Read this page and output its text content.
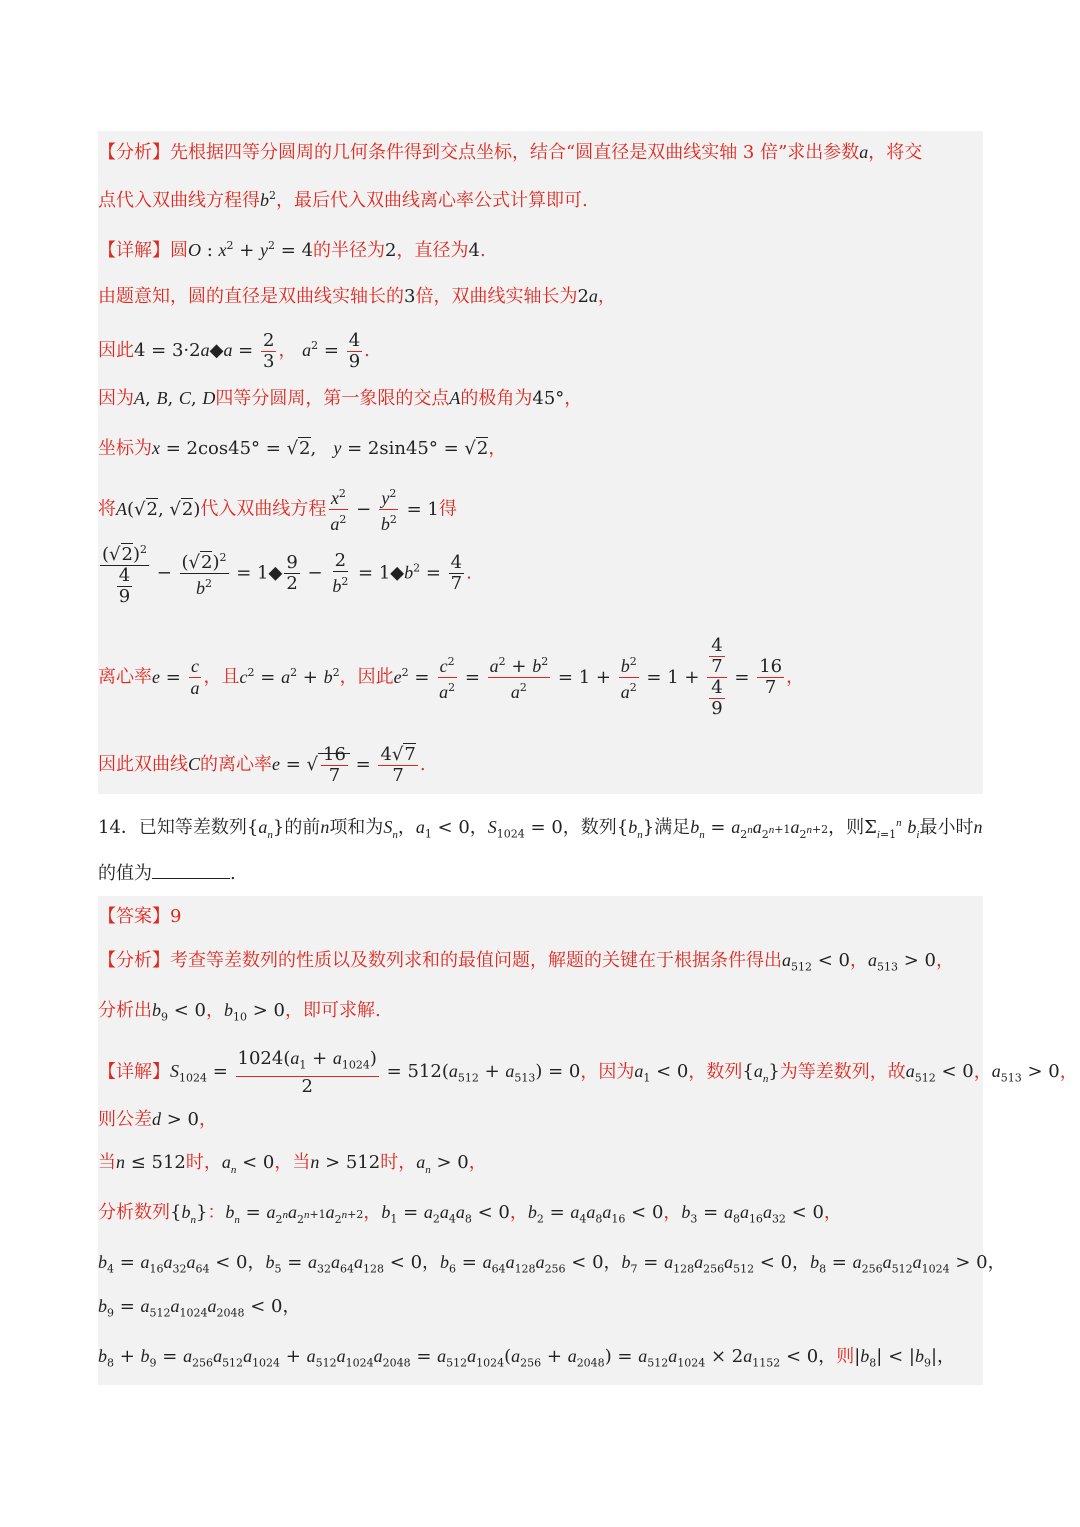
【分析】先根据四等分圆周的几何条件得到交点坐标，结合“圆直径是双曲线实轴 3 倍”求出参数a，将交
点代入双曲线方程得$b^2$，最后代入双曲线离心率公式计算即可.
【详解】圆O : $x^2 + y^2 = 4$的半径为2，直径为4.
由题意知，圆的直径是双曲线实轴长的3倍，双曲线实轴长为2a，
因此4 = 3·2a◆a = $\frac{2}{3}$ ， $a^2 = \frac{4}{9}$ .
因为A, B, C, D四等分圆周，第一象限的交点A的极角为45°，
坐标为x = 2cos45° = √2,   y = 2sin45° = √2，
将A(√2, √2)代入双曲线方程 $\frac{x^2}{a^2} - \frac{y^2}{b^2} = 1$得
$\frac{(√2)^2}{\frac{4}{9}} - \frac{(√2)^2}{b^2}$ = 1◆ $\frac{9}{2} - \frac{2}{b^2}$ = $1◆b^2 = \frac{4}{7}$ .
离心率$e = \frac{c}{a}$ ，且$c^2 = a^2 + b^2$，因此$e^2 = \frac{c^2}{a^2} = \frac{a^2 + b^2}{a^2} = 1 + \frac{b^2}{a^2} = 1 + \frac{\frac{4}{7}}{\frac{4}{9}} = \frac{16}{7}$ ，
因此双曲线C的离心率e = √ $\frac{16}{7} = \frac{4√7}{7}$ .
14．已知等差数列$\{a_n\}$的前n项和为$S_n$，$a_1 < 0$，$S_{1024} = 0$，数列$\{b_n\}$满足$b_n = a_{2^n}a_{2^{n+1}}a_{2^{n+2}}$，则$\Sigma_{i=1}^n$ $b_i$最小时n
的值为	.
【答案】9
【分析】考查等差数列的性质以及数列求和的最值问题，解题的关键在于根据条件得出$a_{512} < 0$，$a_{513} > 0$，
分析出$b_9 < 0$，$b_{10} > 0$，即可求解.
【详解】$S_{1024} = \frac{1024(a_1 + a_{1024})}{2} = 512(a_{512} + a_{513}) = 0$，因为$a_1 < 0$，数列$\{a_n\}$为等差数列，故$a_{512} < 0$，$a_{513} > 0$，
则公差d > 0，
当n ≤ 512时，$a_n < 0$，当n > 512时，$a_n > 0$，
分析数列$\{b_n\}$：$b_n = a_{2^n}a_{2^{n+1}}a_{2^{n+2}}$，$b_1 = a_2a_4a_8 < 0$，$b_2 = a_4a_8a_{16} < 0$，$b_3 = a_8a_{16}a_{32} < 0$，
$b_4 = a_{16}a_{32}a_{64} < 0$，$b_5 = a_{32}a_{64}a_{128} < 0$，$b_6 = a_{64}a_{128}a_{256} < 0$，$b_7 = a_{128}a_{256}a_{512} < 0$，$b_8 = a_{256}a_{512}a_{1024} > 0$，
$b_9 = a_{512}a_{1024}a_{2048} < 0$，
$b_8 + b_9 = a_{256}a_{512}a_{1024} + a_{512}a_{1024}a_{2048} = a_{512}a_{1024}(a_{256} + a_{2048}) = a_{512}a_{1024} \times 2a_{1152} < 0$，则$|b_8| < |b_9|$，
